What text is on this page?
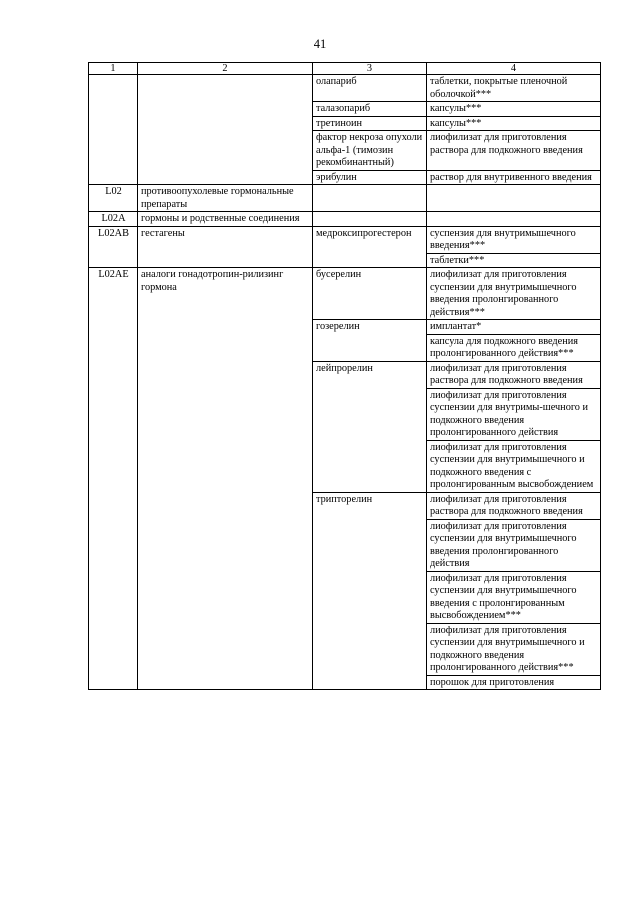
41
1	2	3	4
		олапариб	таблетки, покрытые пленочной оболочкой***
		талазопариб	капсулы***
		третиноин	капсулы***
		фактор некроза опухоли альфа-1 (тимозин рекомбинантный)	лиофилизат для приготовления раствора для подкожного введения
		эрибулин	раствор для внутривенного введения
L02	противоопухолевые гормональные препараты		
L02A	гормоны и родственные соединения		
L02AB	гестагены	медроксипрогестерон	суспензия для внутримышечного введения***
			таблетки***
L02AE	аналоги гонадотропин-рилизинг гормона	бусерелин	лиофилизат для приготовления суспензии для внутримышечного введения пролонгированного действия***
		гозерелин	имплантат*
			капсула для подкожного введения пролонгированного действия***
		лейпрорелин	лиофилизат для приготовления раствора для подкожного введения
			лиофилизат для приготовления суспензии для внутримы-шечного и подкожного введения пролонгированного действия
			лиофилизат для приготовления суспензии для внутримышечного и подкожного введения с пролонгированным высвобождением
		трипторелин	лиофилизат для приготовления раствора для подкожного введения
			лиофилизат для приготовления суспензии для внутримышечного введения пролонгированного действия
			лиофилизат для приготовления суспензии для внутримышечного введения с пролонгированным высвобождением***
			лиофилизат для приготовления суспензии для внутримышечного и подкожного введения пролонгированного действия***
			порошок для приготовления
